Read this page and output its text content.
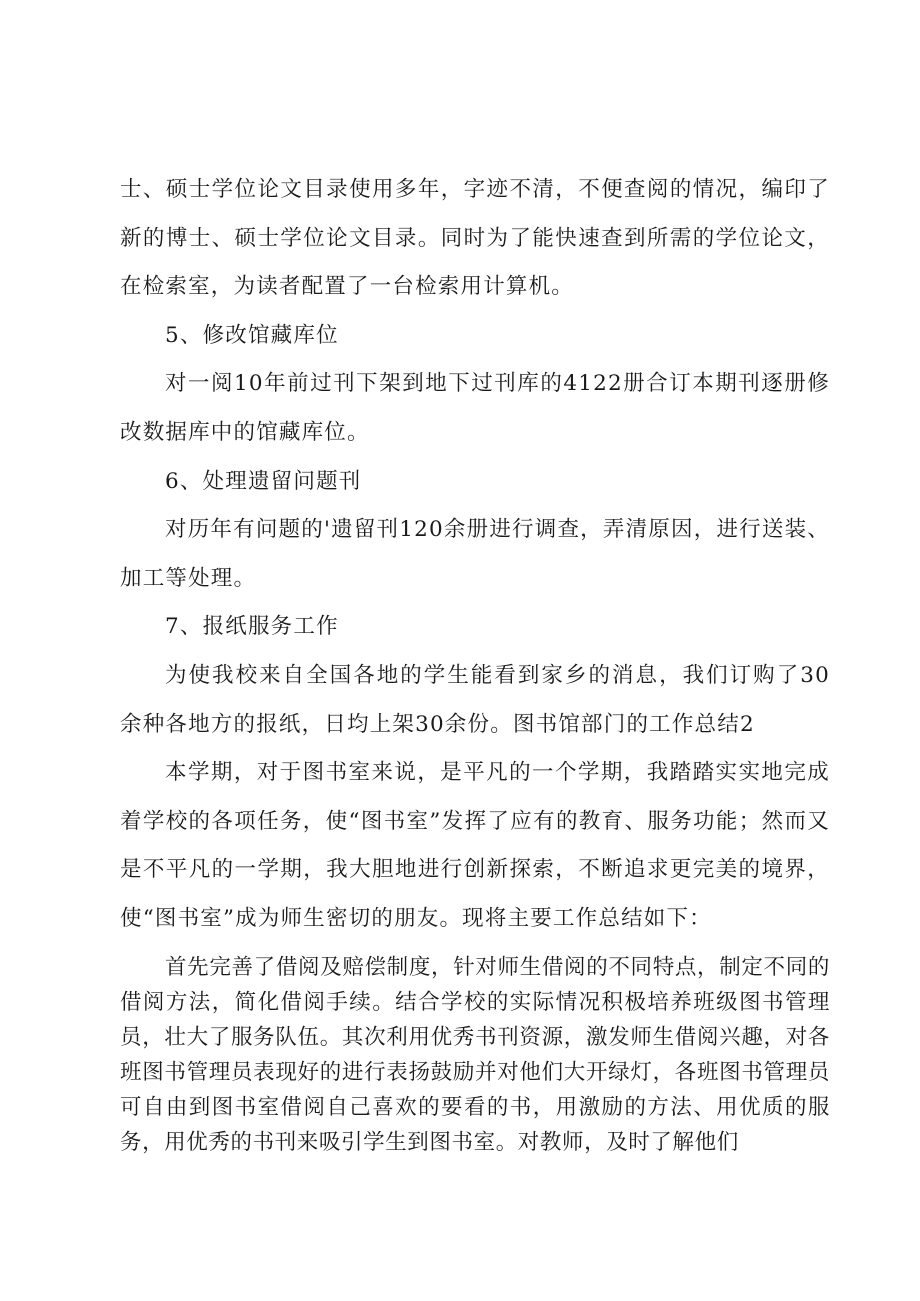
士、硕士学位论文目录使用多年，字迹不清，不便查阅的情况，编印了新的博士、硕士学位论文目录。同时为了能快速查到所需的学位论文，在检索室，为读者配置了一台检索用计算机。

5、修改馆藏库位

对一阅10年前过刊下架到地下过刊库的4122册合订本期刊逐册修改数据库中的馆藏库位。

6、处理遗留问题刊

对历年有问题的'遗留刊120余册进行调查，弄清原因，进行送装、加工等处理。

7、报纸服务工作

为使我校来自全国各地的学生能看到家乡的消息，我们订购了30余种各地方的报纸，日均上架30余份。图书馆部门的工作总结2

本学期，对于图书室来说，是平凡的一个学期，我踏踏实实地完成着学校的各项任务，使“图书室”发挥了应有的教育、服务功能；然而又是不平凡的一学期，我大胆地进行创新探索，不断追求更完美的境界，使“图书室”成为师生密切的朋友。现将主要工作总结如下：

首先完善了借阅及赔偿制度，针对师生借阅的不同特点，制定不同的借阅方法，简化借阅手续。结合学校的实际情况积极培养班级图书管理员，壮大了服务队伍。其次利用优秀书刊资源，激发师生借阅兴趣，对各班图书管理员表现好的进行表扬鼓励并对他们大开绿灯，各班图书管理员可自由到图书室借阅自己喜欢的要看的书，用激励的方法、用优质的服务，用优秀的书刊来吸引学生到图书室。对教师，及时了解他们
